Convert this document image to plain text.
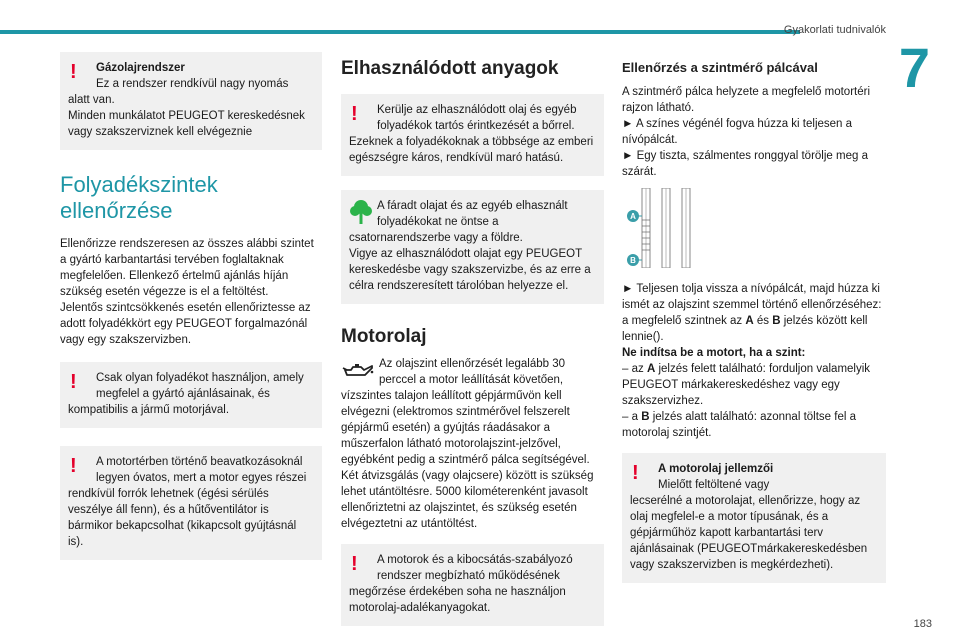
Gyakorlati tudnivalók
7
183
!	Gázolajrendszer
Ez a rendszer rendkívül nagy nyomás
alatt van.
Minden munkálatot PEUGEOT kereskedésnek vagy szakszerviznek kell elvégeznie
Folyadékszintek
ellenőrzése
Ellenőrizze rendszeresen az összes alábbi szintet a gyártó karbantartási tervében foglaltaknak megfelelően. Ellenkező értelmű ajánlás híján szükség esetén végezze is el a feltöltést.
Jelentős szintcsökkenés esetén ellenőriztesse az adott folyadékkört egy PEUGEOT forgalmazónál vagy egy szakszervizben.
!	Csak olyan folyadékot használjon, amely megfelel a gyártó ajánlásainak, és
kompatibilis a jármű motorjával.
!	A motortérben történő beavatkozásoknál legyen óvatos, mert a motor egyes részei
rendkívül forrók lehetnek (égési sérülés veszélye áll fenn), és a hűtőventilátor is bármikor bekapcsolhat (kikapcsolt gyújtásnál is).
Elhasználódott anyagok
!	Kerülje az elhasználódott olaj és egyéb folyadékok tartós érintkezését a bőrrel.
Ezeknek a folyadékoknak a többsége az emberi egészségre káros, rendkívül maró hatású.
A fáradt olajat és az egyéb elhasznált folyadékokat ne öntse a
csatornarendszerbe vagy a földre.
Vigye az elhasználódott olajat egy PEUGEOT kereskedésbe vagy szakszervizbe, és az erre a célra rendszeresített tárolóban helyezze el.
Motorolaj
Az olajszint ellenőrzését legalább 30 perccel a motor leállítását követően,
vízszintes talajon leállított gépjárművön kell elvégezni (elektromos szintmérővel felszerelt gépjármű esetén) a gyújtás ráadásakor a műszerfalon látható motorolajszint-jelzővel, egyébként pedig a szintmérő pálca segítségével.
Két átvizsgálás (vagy olajcsere) között is szükség lehet utántöltésre. 5000 kilométerenként javasolt ellenőriztetni az olajszintet, és szükség esetén elvégeztetni az utántöltést.
!	A motorok és a kibocsátás-szabályozó rendszer megbízható működésének
megőrzése érdekében soha ne használjon motorolaj-adalékanyagokat.
Ellenőrzés a szintmérő pálcával
A szintmérő pálca helyzete a megfelelő motortéri rajzon látható.
► A színes végénél fogva húzza ki teljesen a nívópálcát.
► Egy tiszta, szálmentes ronggyal törölje meg a szárát.
A
B
► Teljesen tolja vissza a nívópálcát, majd húzza ki ismét az olajszint szemmel történő ellenőrzéséhez: a megfelelő szintnek az A és B jelzés között kell lennie().
Ne indítsa be a motort, ha a szint:
– az A jelzés felett található: forduljon valamelyik PEUGEOT márkakereskedéshez vagy egy szakszervizhez.
– a B jelzés alatt található: azonnal töltse fel a motorolaj szintjét.
!	A motorolaj jellemzői
Mielőtt feltöltené vagy
lecserélné a motorolajat, ellenőrizze, hogy az olaj megfelel-e a motor típusának, és a gépjárműhöz kapott karbantartási terv ajánlásainak (PEUGEOTmárkakereskedésben vagy szakszervizben is megkérdezheti).
